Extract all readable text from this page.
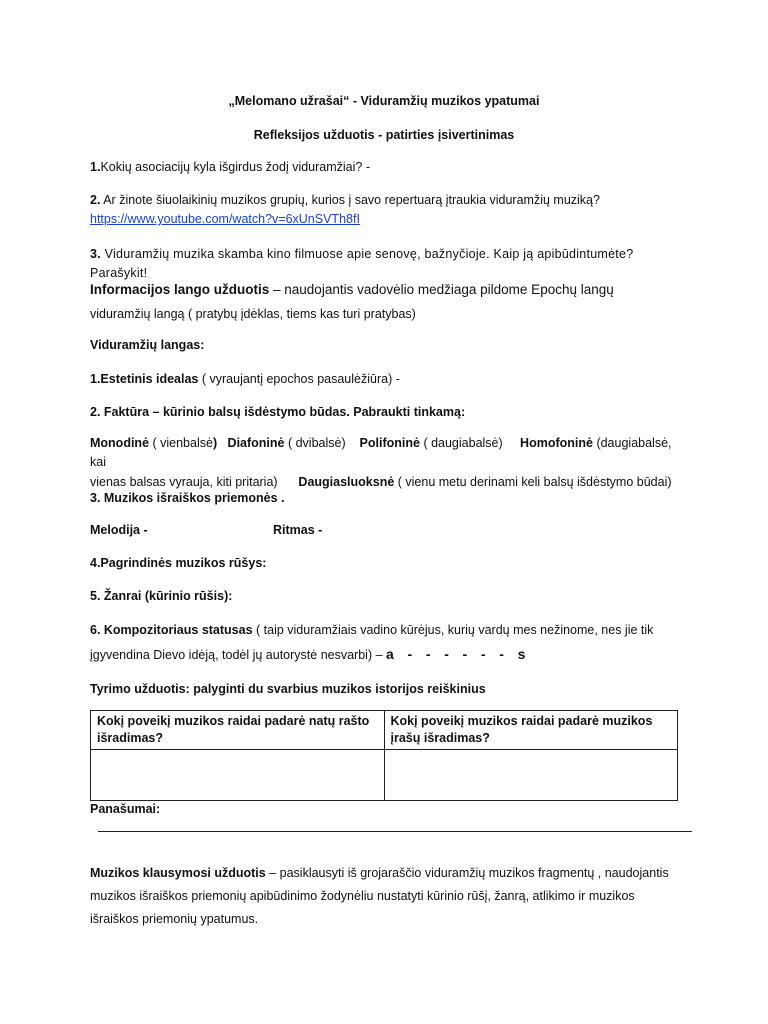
„Melomano užrašai“ - Viduramžių muzikos ypatumai
Refleksijos užduotis - patirties įsivertinimas
1.Kokių asociacijų kyla išgirdus žodį viduramžiai? -
2. Ar žinote šiuolaikinių muzikos grupių, kurios į savo repertuarą įtraukia viduramžių muziką?
https://www.youtube.com/watch?v=6xUnSVTh8fI
3. Viduramžių muzika skamba kino filmuose apie senovę, bažnyčioje. Kaip ją apibūdintumėte? Parašykit!
Informacijos lango užduotis – naudojantis vadovėlio medžiaga pildome Epochų langų
viduramžių langą ( pratybų įdėklas, tiems kas turi pratybas)
Viduramžių langas:
1.Estetinis idealas ( vyraujantį epochos pasaulėžiūra) -
2. Faktūra – kūrinio balsų išdėstymo būdas. Pabraukti tinkamą:
Monodinė ( vienbalsė) Diafoninė ( dvibalsė) Polifoninė ( daugiabalsė) Homofoninė (daugiabalsė, kai
vienas balsas vyrauja, kiti pritaria) Daugiasluoksnė ( vienu metu derinami keli balsų išdėstymo būdai)
3. Muzikos išraiškos priemonės .
Melodija -	Ritmas -
4.Pagrindinės muzikos rūšys:
5. Žanrai (kūrinio rūšis):
6. Kompozitoriaus statusas ( taip viduramžiais vadino kūrėjus, kurių vardų mes nežinome, nes jie tik
įgyvendina Dievo idėją, todėl jų autorystė nesvarbi) – a - - - - - - s
Tyrimo užduotis: palyginti du svarbius muzikos istorijos reiškinius
Kokį poveikį muzikos raidai padarė natų rašto išradimas?	Kokį poveikį muzikos raidai padarė muzikos įrašų išradimas?

Panašumai:
Muzikos klausymosi užduotis – pasiklausyti iš grojaraščio viduramžių muzikos fragmentų , naudojantis
muzikos išraiškos priemonių apibūdinimo žodynėliu nustatyti kūrinio rūšį, žanrą, atlikimo ir muzikos
išraiškos priemonių ypatumus.
